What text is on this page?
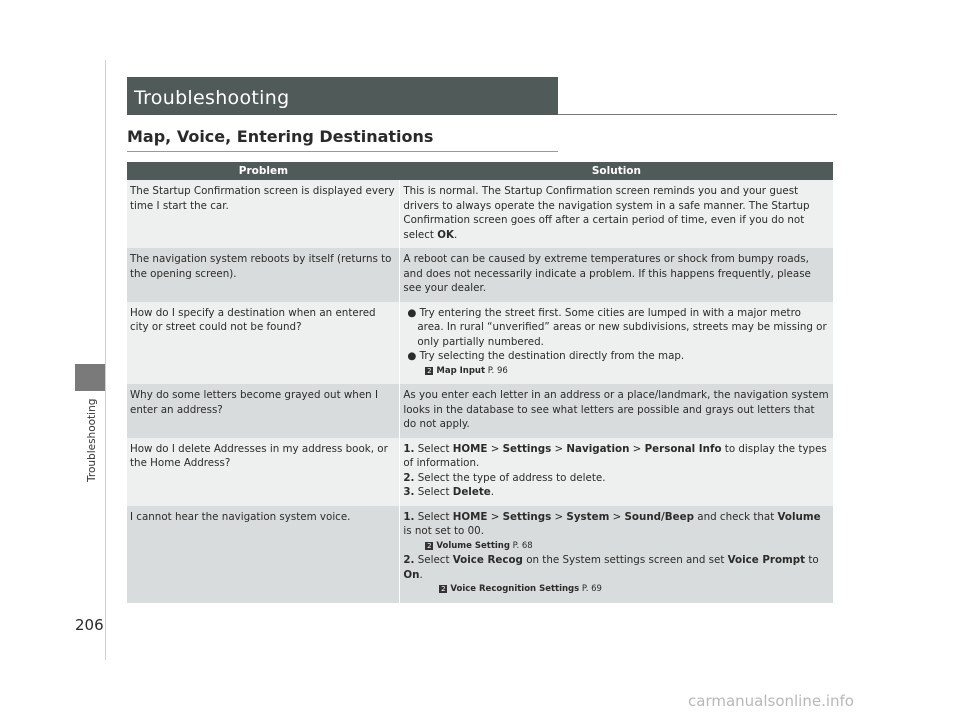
Troubleshooting
Troubleshooting
Map, Voice, Entering Destinations
Problem	Solution
The Startup Confirmation screen is displayed every time I start the car.	This is normal. The Startup Confirmation screen reminds you and your guest drivers to always operate the navigation system in a safe manner. The Startup Confirmation screen goes off after a certain period of time, even if you do not select OK.
The navigation system reboots by itself (returns to the opening screen).	A reboot can be caused by extreme temperatures or shock from bumpy roads, and does not necessarily indicate a problem. If this happens frequently, please see your dealer.
How do I specify a destination when an entered city or street could not be found?	● Try entering the street first. Some cities are lumped in with a major metro area. In rural “unverified” areas or new subdivisions, streets may be missing or only partially numbered.
● Try selecting the destination directly from the map.
2 Map Input P. 96

Why do some letters become grayed out when I enter an address?	As you enter each letter in an address or a place/landmark, the navigation system looks in the database to see what letters are possible and grays out letters that do not apply.
How do I delete Addresses in my address book, or the Home Address?	1. Select HOME > Settings > Navigation > Personal Info to display the types of information.
2. Select the type of address to delete.
3. Select Delete.

I cannot hear the navigation system voice.	1. Select HOME > Settings > System > Sound/Beep and check that Volume is not set to 00.
2 Volume Setting P. 68
2. Select Voice Recog on the System settings screen and set Voice Prompt to On.
2 Voice Recognition Settings P. 69
206
carmanualsonline.info
